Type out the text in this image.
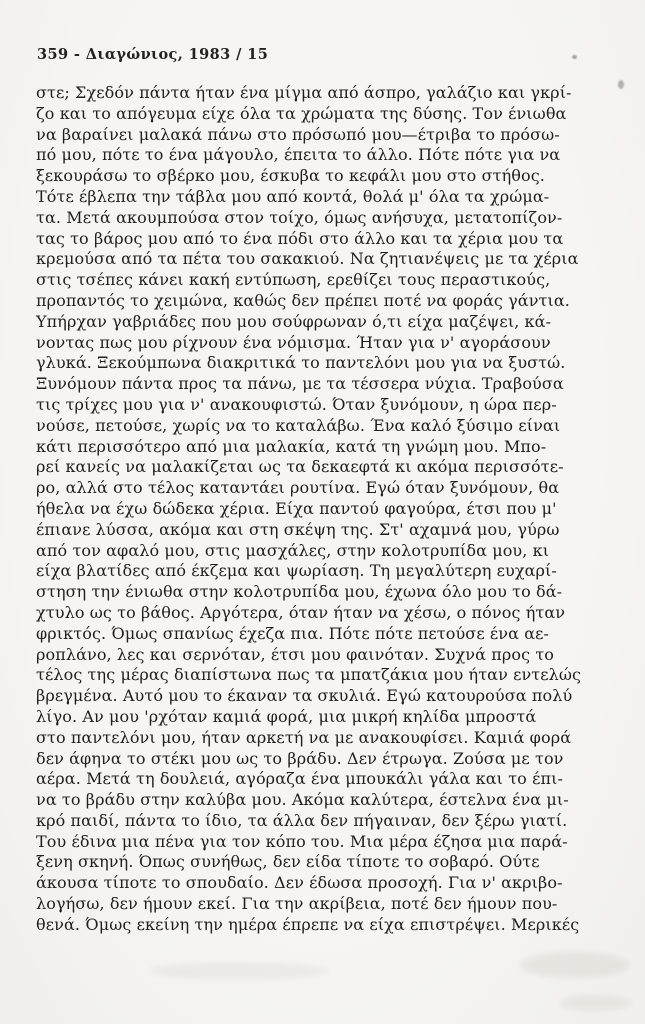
359 - Διαγώνιος, 1983 / 15
στε; Σχεδόν πάντα ήταν ένα μίγμα από άσπρο, γαλάζιο και γκρί-
ζο και το απόγευμα είχε όλα τα χρώματα της δύσης. Τον ένιωθα
να βαραίνει μαλακά πάνω στο πρόσωπό μου—έτριβα το πρόσω-
πό μου, πότε το ένα μάγουλο, έπειτα το άλλο. Πότε πότε για να
ξεκουράσω το σβέρκο μου, έσκυβα το κεφάλι μου στο στήθος.
Τότε έβλεπα την τάβλα μου από κοντά, θολά μ' όλα τα χρώμα-
τα. Μετά ακουμπούσα στον τοίχο, όμως ανήσυχα, μετατοπίζον-
τας το βάρος μου από το ένα πόδι στο άλλο και τα χέρια μου τα
κρεμούσα από τα πέτα του σακακιού. Να ζητιανέψεις με τα χέρια
στις τσέπες κάνει κακή εντύπωση, ερεθίζει τους περαστικούς,
προπαντός το χειμώνα, καθώς δεν πρέπει ποτέ να φοράς γάντια.
Υπήρχαν γαβριάδες που μου σούφρωναν ό,τι είχα μαζέψει, κά-
νοντας πως μου ρίχνουν ένα νόμισμα. Ήταν για ν' αγοράσουν
γλυκά. Ξεκούμπωνα διακριτικά το παντελόνι μου για να ξυστώ.
Ξυνόμουν πάντα προς τα πάνω, με τα τέσσερα νύχια. Τραβούσα
τις τρίχες μου για ν' ανακουφιστώ. Όταν ξυνόμουν, η ώρα περ-
νούσε, πετούσε, χωρίς να το καταλάβω. Ένα καλό ξύσιμο είναι
κάτι περισσότερο από μια μαλακία, κατά τη γνώμη μου. Μπο-
ρεί κανείς να μαλακίζεται ως τα δεκαεφτά κι ακόμα περισσότε-
ρο, αλλά στο τέλος καταντάει ρουτίνα. Εγώ όταν ξυνόμουν, θα
ήθελα να έχω δώδεκα χέρια. Είχα παντού φαγούρα, έτσι που μ'
έπιανε λύσσα, ακόμα και στη σκέψη της. Στ' αχαμνά μου, γύρω
από τον αφαλό μου, στις μασχάλες, στην κολοτρυπίδα μου, κι
είχα βλατίδες από έκζεμα και ψωρίαση. Τη μεγαλύτερη ευχαρί-
στηση την ένιωθα στην κολοτρυπίδα μου, έχωνα όλο μου το δά-
χτυλο ως το βάθος. Αργότερα, όταν ήταν να χέσω, ο πόνος ήταν
φρικτός. Όμως σπανίως έχεζα πια. Πότε πότε πετούσε ένα αε-
ροπλάνο, λες και σερνόταν, έτσι μου φαινόταν. Συχνά προς το
τέλος της μέρας διαπίστωνα πως τα μπατζάκια μου ήταν εντελώς
βρεγμένα. Αυτό μου το έκαναν τα σκυλιά. Εγώ κατουρούσα πολύ
λίγο. Αν μου 'ρχόταν καμιά φορά, μια μικρή κηλίδα μπροστά
στο παντελόνι μου, ήταν αρκετή να με ανακουφίσει. Καμιά φορά
δεν άφηνα το στέκι μου ως το βράδυ. Δεν έτρωγα. Ζούσα με τον
αέρα. Μετά τη δουλειά, αγόραζα ένα μπουκάλι γάλα και το έπι-
να το βράδυ στην καλύβα μου. Ακόμα καλύτερα, έστελνα ένα μι-
κρό παιδί, πάντα το ίδιο, τα άλλα δεν πήγαιναν, δεν ξέρω γιατί.
Του έδινα μια πένα για τον κόπο του. Μια μέρα έζησα μια παρά-
ξενη σκηνή. Όπως συνήθως, δεν είδα τίποτε το σοβαρό. Ούτε
άκουσα τίποτε το σπουδαίο. Δεν έδωσα προσοχή. Για ν' ακριβο-
λογήσω, δεν ήμουν εκεί. Για την ακρίβεια, ποτέ δεν ήμουν που-
θενά. Όμως εκείνη την ημέρα έπρεπε να είχα επιστρέψει. Μερικές
